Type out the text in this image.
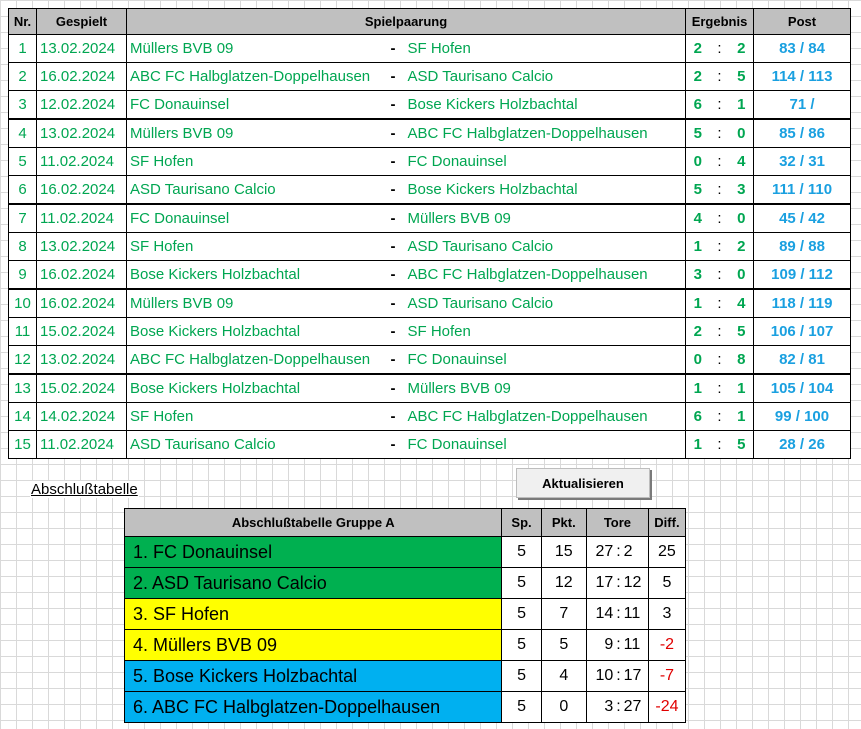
Nr.	Gespielt	Spielpaarung			Ergebnis			Post
1	13.02.2024	Müllers BVB 09	-	SF Hofen	2	:	2	83 / 84
2	16.02.2024	ABC FC Halbglatzen-Doppelhausen	-	ASD Taurisano Calcio	2	:	5	114 / 113
3	12.02.2024	FC Donauinsel	-	Bose Kickers Holzbachtal	6	:	1	71 /
4	13.02.2024	Müllers BVB 09	-	ABC FC Halbglatzen-Doppelhausen	5	:	0	85 / 86
5	11.02.2024	SF Hofen	-	FC Donauinsel	0	:	4	32 / 31
6	16.02.2024	ASD Taurisano Calcio	-	Bose Kickers Holzbachtal	5	:	3	111 / 110
7	11.02.2024	FC Donauinsel	-	Müllers BVB 09	4	:	0	45 / 42
8	13.02.2024	SF Hofen	-	ASD Taurisano Calcio	1	:	2	89 / 88
9	16.02.2024	Bose Kickers Holzbachtal	-	ABC FC Halbglatzen-Doppelhausen	3	:	0	109 / 112
10	16.02.2024	Müllers BVB 09	-	ASD Taurisano Calcio	1	:	4	118 / 119
11	15.02.2024	Bose Kickers Holzbachtal	-	SF Hofen	2	:	5	106 / 107
12	13.02.2024	ABC FC Halbglatzen-Doppelhausen	-	FC Donauinsel	0	:	8	82 / 81
13	15.02.2024	Bose Kickers Holzbachtal	-	Müllers BVB 09	1	:	1	105 / 104
14	14.02.2024	SF Hofen	-	ABC FC Halbglatzen-Doppelhausen	6	:	1	99 / 100
15	11.02.2024	ASD Taurisano Calcio	-	FC Donauinsel	1	:	5	28 / 26
Abschlußtabelle	Aktualisieren
Abschlußtabelle Gruppe A	Sp.	Pkt.	Tore			Diff.
1. FC Donauinsel	5	15	27	:	2	25
2. ASD Taurisano Calcio	5	12	17	:	12	5
3. SF Hofen	5	7	14	:	11	3
4. Müllers BVB 09	5	5	9	:	11	-2
5. Bose Kickers Holzbachtal	5	4	10	:	17	-7
6. ABC FC Halbglatzen-Doppelhausen	5	0	3	:	27	-24
